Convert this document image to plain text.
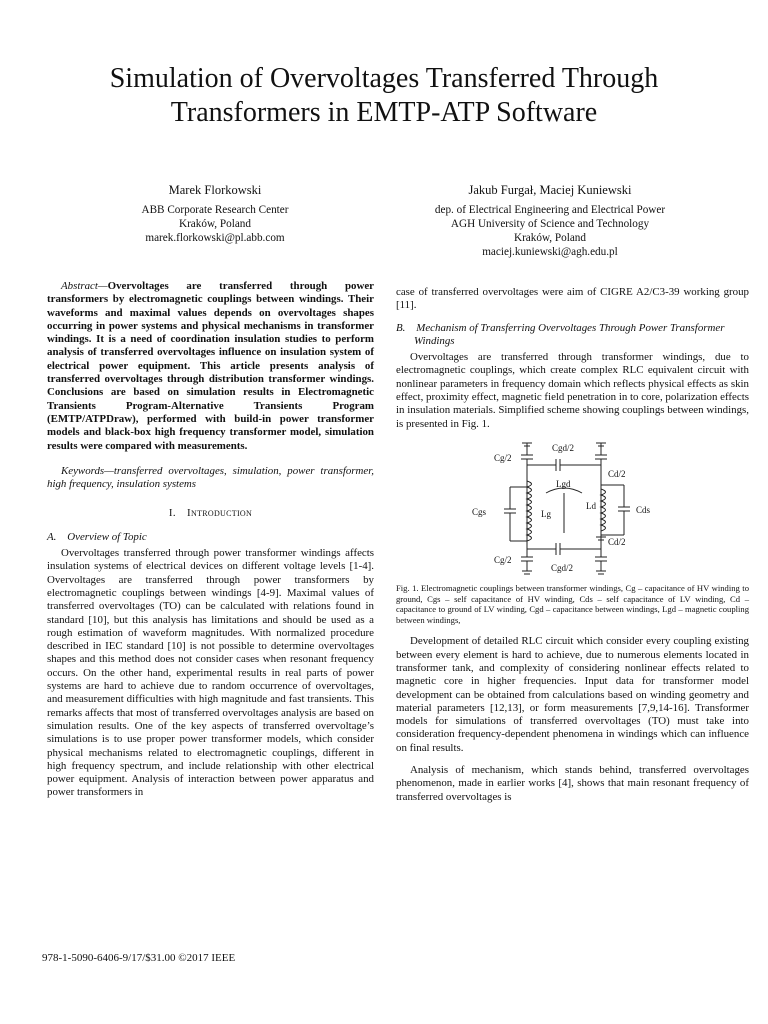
Simulation of Overvoltages Transferred Through Transformers in EMTP-ATP Software
Marek Florkowski
ABB Corporate Research Center
Kraków, Poland
marek.florkowski@pl.abb.com
Jakub Furgał, Maciej Kuniewski
dep. of Electrical Engineering and Electrical Power
AGH University of Science and Technology
Kraków, Poland
maciej.kuniewski@agh.edu.pl

Abstract—Overvoltages are transferred through power transformers by electromagnetic couplings between windings. Their waveforms and maximal values depends on overvoltages shapes occurring in power systems and physical mechanisms in transformer windings. It is a need of coordination insulation studies to perform analysis of transferred overvoltages influence on insulation system of electrical power equipment. This article presents analysis of transferred overvoltages through distribution transformer windings. Conclusions are based on simulation results in Electromagnetic Transients Program-Alternative Transients Program (EMTP/ATPDraw), performed with build-in power transformer models and black-box high frequency transformer model, simulation results were compared with measurements.

Keywords—transferred overvoltages, simulation, power transformer, high frequency, insulation systems

I. Introduction

A. Overview of Topic

Overvoltages transferred through power transformer windings affects insulation systems of electrical devices on different voltage levels [1-4]. Overvoltages are transferred through power transformers by electromagnetic couplings between windings [4-9]. Maximal values of transferred overvoltages (TO) can be calculated with relations found in standard [10], but this analysis has limitations and should be used as a rough estimation of waveform magnitudes. With normalized procedure described in IEC standard [10] is not possible to determine overvoltages shapes and this method does not consider cases when resonant frequency occurs. On the other hand, experimental results in real parts of power systems are hard to achieve due to random occurrence of overvoltages, and measurement difficulties with high magnitude and fast transients. This remarks affects that most of transferred overvoltages analysis are based on simulation results. One of the key aspects of transferred overvoltage’s simulations is to use proper power transformer models, which consider physical mechanisms related to electromagnetic couplings, different in high frequency spectrum, and include relationship with other electrical power equipment. Analysis of interaction between power apparatus and power transformers in

case of transferred overvoltages were aim of CIGRE A2/C3-39 working group [11].

B. Mechanism of Transferring Overvoltages Through Power Transformer Windings

Overvoltages are transferred through transformer windings, due to electromagnetic couplings, which create complex RLC equivalent circuit with nonlinear parameters in frequency domain which reflects physical effects as skin effect, proximity effect, magnetic field penetration in to core, polarization effects in insulation materials. Simplified scheme showing couplings between windings, is presented in Fig. 1.

Cg/2
Cgd/2
Cd/2
Cgs	Lg
Lgd
Ld	Cds
Cd/2
Cg/2
Cgd/2

Fig. 1. Electromagnetic couplings between transformer windings, Cg – capacitance of HV winding to ground, Cgs – self capacitance of HV winding, Cds – self capacitance of LV winding, Cd – capacitance to ground of LV winding, Cgd – capacitance between windings, Lgd – magnetic coupling between windings,

Development of detailed RLC circuit which consider every coupling existing between every element is hard to achieve, due to numerous elements located in transformer tank, and complexity of considering nonlinear effects related to magnetic core in higher frequencies. Input data for transformer model development can be obtained from calculations based on winding geometry and material parameters [12,13], or form measurements [7,9,14-16]. Transformer models for simulations of transferred overvoltages (TO) must take into consideration frequency-dependent phenomena in windings which can influence on final results.

Analysis of mechanism, which stands behind, transferred overvoltages phenomenon, made in earlier works [4], shows that main resonant frequency of transferred overvoltages is

978-1-5090-6406-9/17/$31.00 ©2017 IEEE
